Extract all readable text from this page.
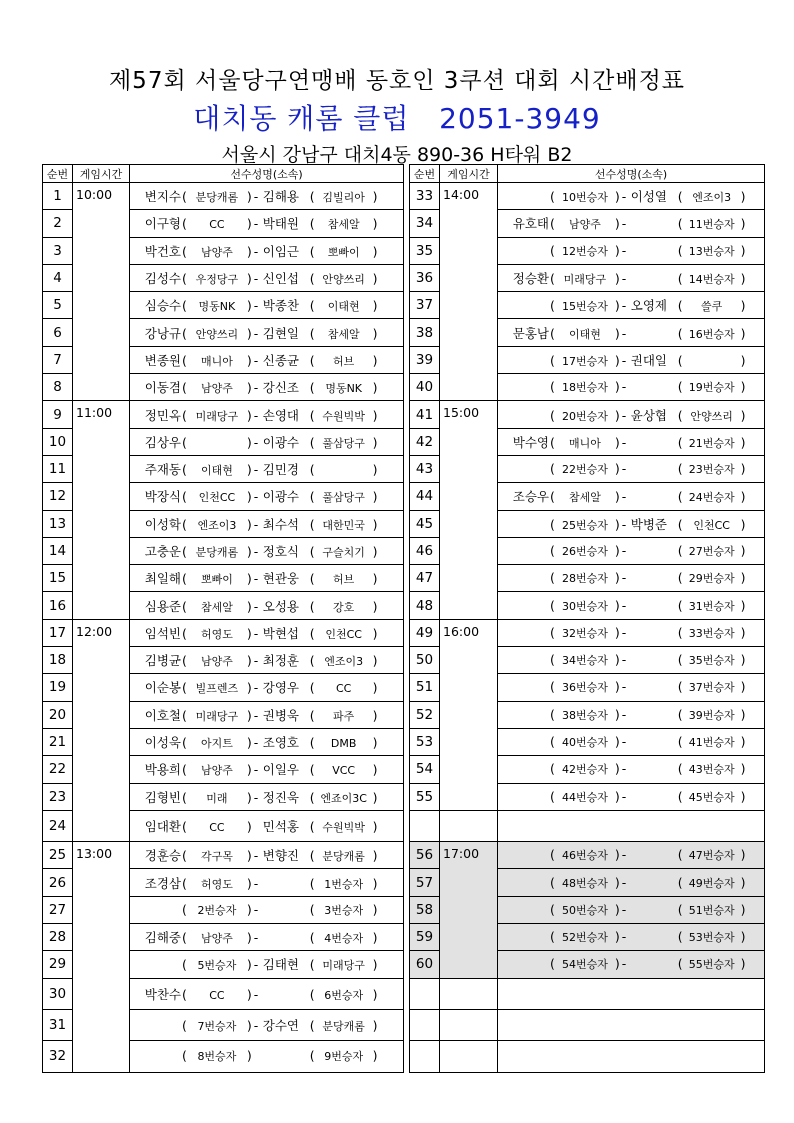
제57회 서울당구연맹배 동호인 3쿠션 대회 시간배정표
대치동 캐롬 클럽   2051-3949
서울시 강남구 대치4동 890-36 H타워 B2
순번	게임시간	선수성명(소속)		순번	게임시간	선수성명(소속)
1	10:00	변지수( 분당캐롬 ) - 김해용 ( 김빌리아 )		33	14:00	( 10번승자 ) - 이성열 ( 엔조이3 )
2		이구형( CC ) - 박태원 ( 참세알 )		34		유호태( 남양주 ) - ( 11번승자 )
3		박건호( 남양주 ) - 이임근 ( 뽀빠이 )		35		( 12번승자 ) - ( 13번승자 )
4		김성수( 우정당구 ) - 신인섭 ( 안양쓰리 )		36		정승환( 미래당구 ) - ( 14번승자 )
5		심승수( 명동NK ) - 박종찬 ( 이태현 )		37		( 15번승자 ) - 오영제 ( 쓸쿠 )
6		강낭규( 안양쓰리 ) - 김현일 ( 참세알 )		38		문홍남( 이태현 ) - ( 16번승자 )
7		변종원( 매니아 ) - 신종균 ( 허브 )		39		( 17번승자 ) - 권대일 ( )
8		이동겸( 남양주 ) - 강신조 ( 명동NK )		40		( 18번승자 ) - ( 19번승자 )
9	11:00	정민옥( 미래당구 ) - 손영대 ( 수원빅박 )		41	15:00	( 20번승자 ) - 윤상협 ( 안양쓰리 )
10		김상우( ) - 이광수 ( 풀삼당구 )		42		박수영( 매니아 ) - ( 21번승자 )
11		주재동( 이태현 ) - 김민경 ( )		43		( 22번승자 ) - ( 23번승자 )
12		박장식( 인천CC ) - 이광수 ( 풀삼당구 )		44		조승우( 참세알 ) - ( 24번승자 )
13		이성학( 엔조이3 ) - 최수석 ( 대한민국 )		45		( 25번승자 ) - 박병준 ( 인천CC )
14		고충운( 분당캐롬 ) - 정호식 ( 구슬치기 )		46		( 26번승자 ) - ( 27번승자 )
15		최일해( 뽀빠이 ) - 현관웅 ( 허브 )		47		( 28번승자 ) - ( 29번승자 )
16		심용준( 참세알 ) - 오성용 ( 강호 )		48		( 30번승자 ) - ( 31번승자 )
17	12:00	임석빈( 허영도 ) - 박현섭 ( 인천CC )		49	16:00	( 32번승자 ) - ( 33번승자 )
18		김병균( 남양주 ) - 최정훈 ( 엔조이3 )		50		( 34번승자 ) - ( 35번승자 )
19		이순봉( 빌프렌즈 ) - 강영우 ( CC )		51		( 36번승자 ) - ( 37번승자 )
20		이호철( 미래당구 ) - 권병욱 ( 파주 )		52		( 38번승자 ) - ( 39번승자 )
21		이성욱( 아지트 ) - 조영호 ( DMB )		53		( 40번승자 ) - ( 41번승자 )
22		박용희( 남양주 ) - 이일우 ( VCC )		54		( 42번승자 ) - ( 43번승자 )
23		김형빈( 미래 ) - 정진욱 ( 엔죠이3C )		55		( 44번승자 ) - ( 45번승자 )
24		임대환( CC ) 민석홍 ( 수원빅박 )				
25	13:00	경훈승( 각구목 ) - 변향진 ( 분당캐롬 )		56	17:00	( 46번승자 ) - ( 47번승자 )
26		조경삼( 허영도 ) - ( 1번승자 )		57		( 48번승자 ) - ( 49번승자 )
27		( 2번승자 ) - ( 3번승자 )		58		( 50번승자 ) - ( 51번승자 )
28		김해중( 남양주 ) - ( 4번승자 )		59		( 52번승자 ) - ( 53번승자 )
29		( 5번승자 ) - 김태현 ( 미래당구 )		60		( 54번승자 ) - ( 55번승자 )
30		박찬수( CC ) - ( 6번승자 )				
31		( 7번승자 ) - 강수연 ( 분당캐롬 )				
32		( 8번승자 ) ( 9번승자 )				
